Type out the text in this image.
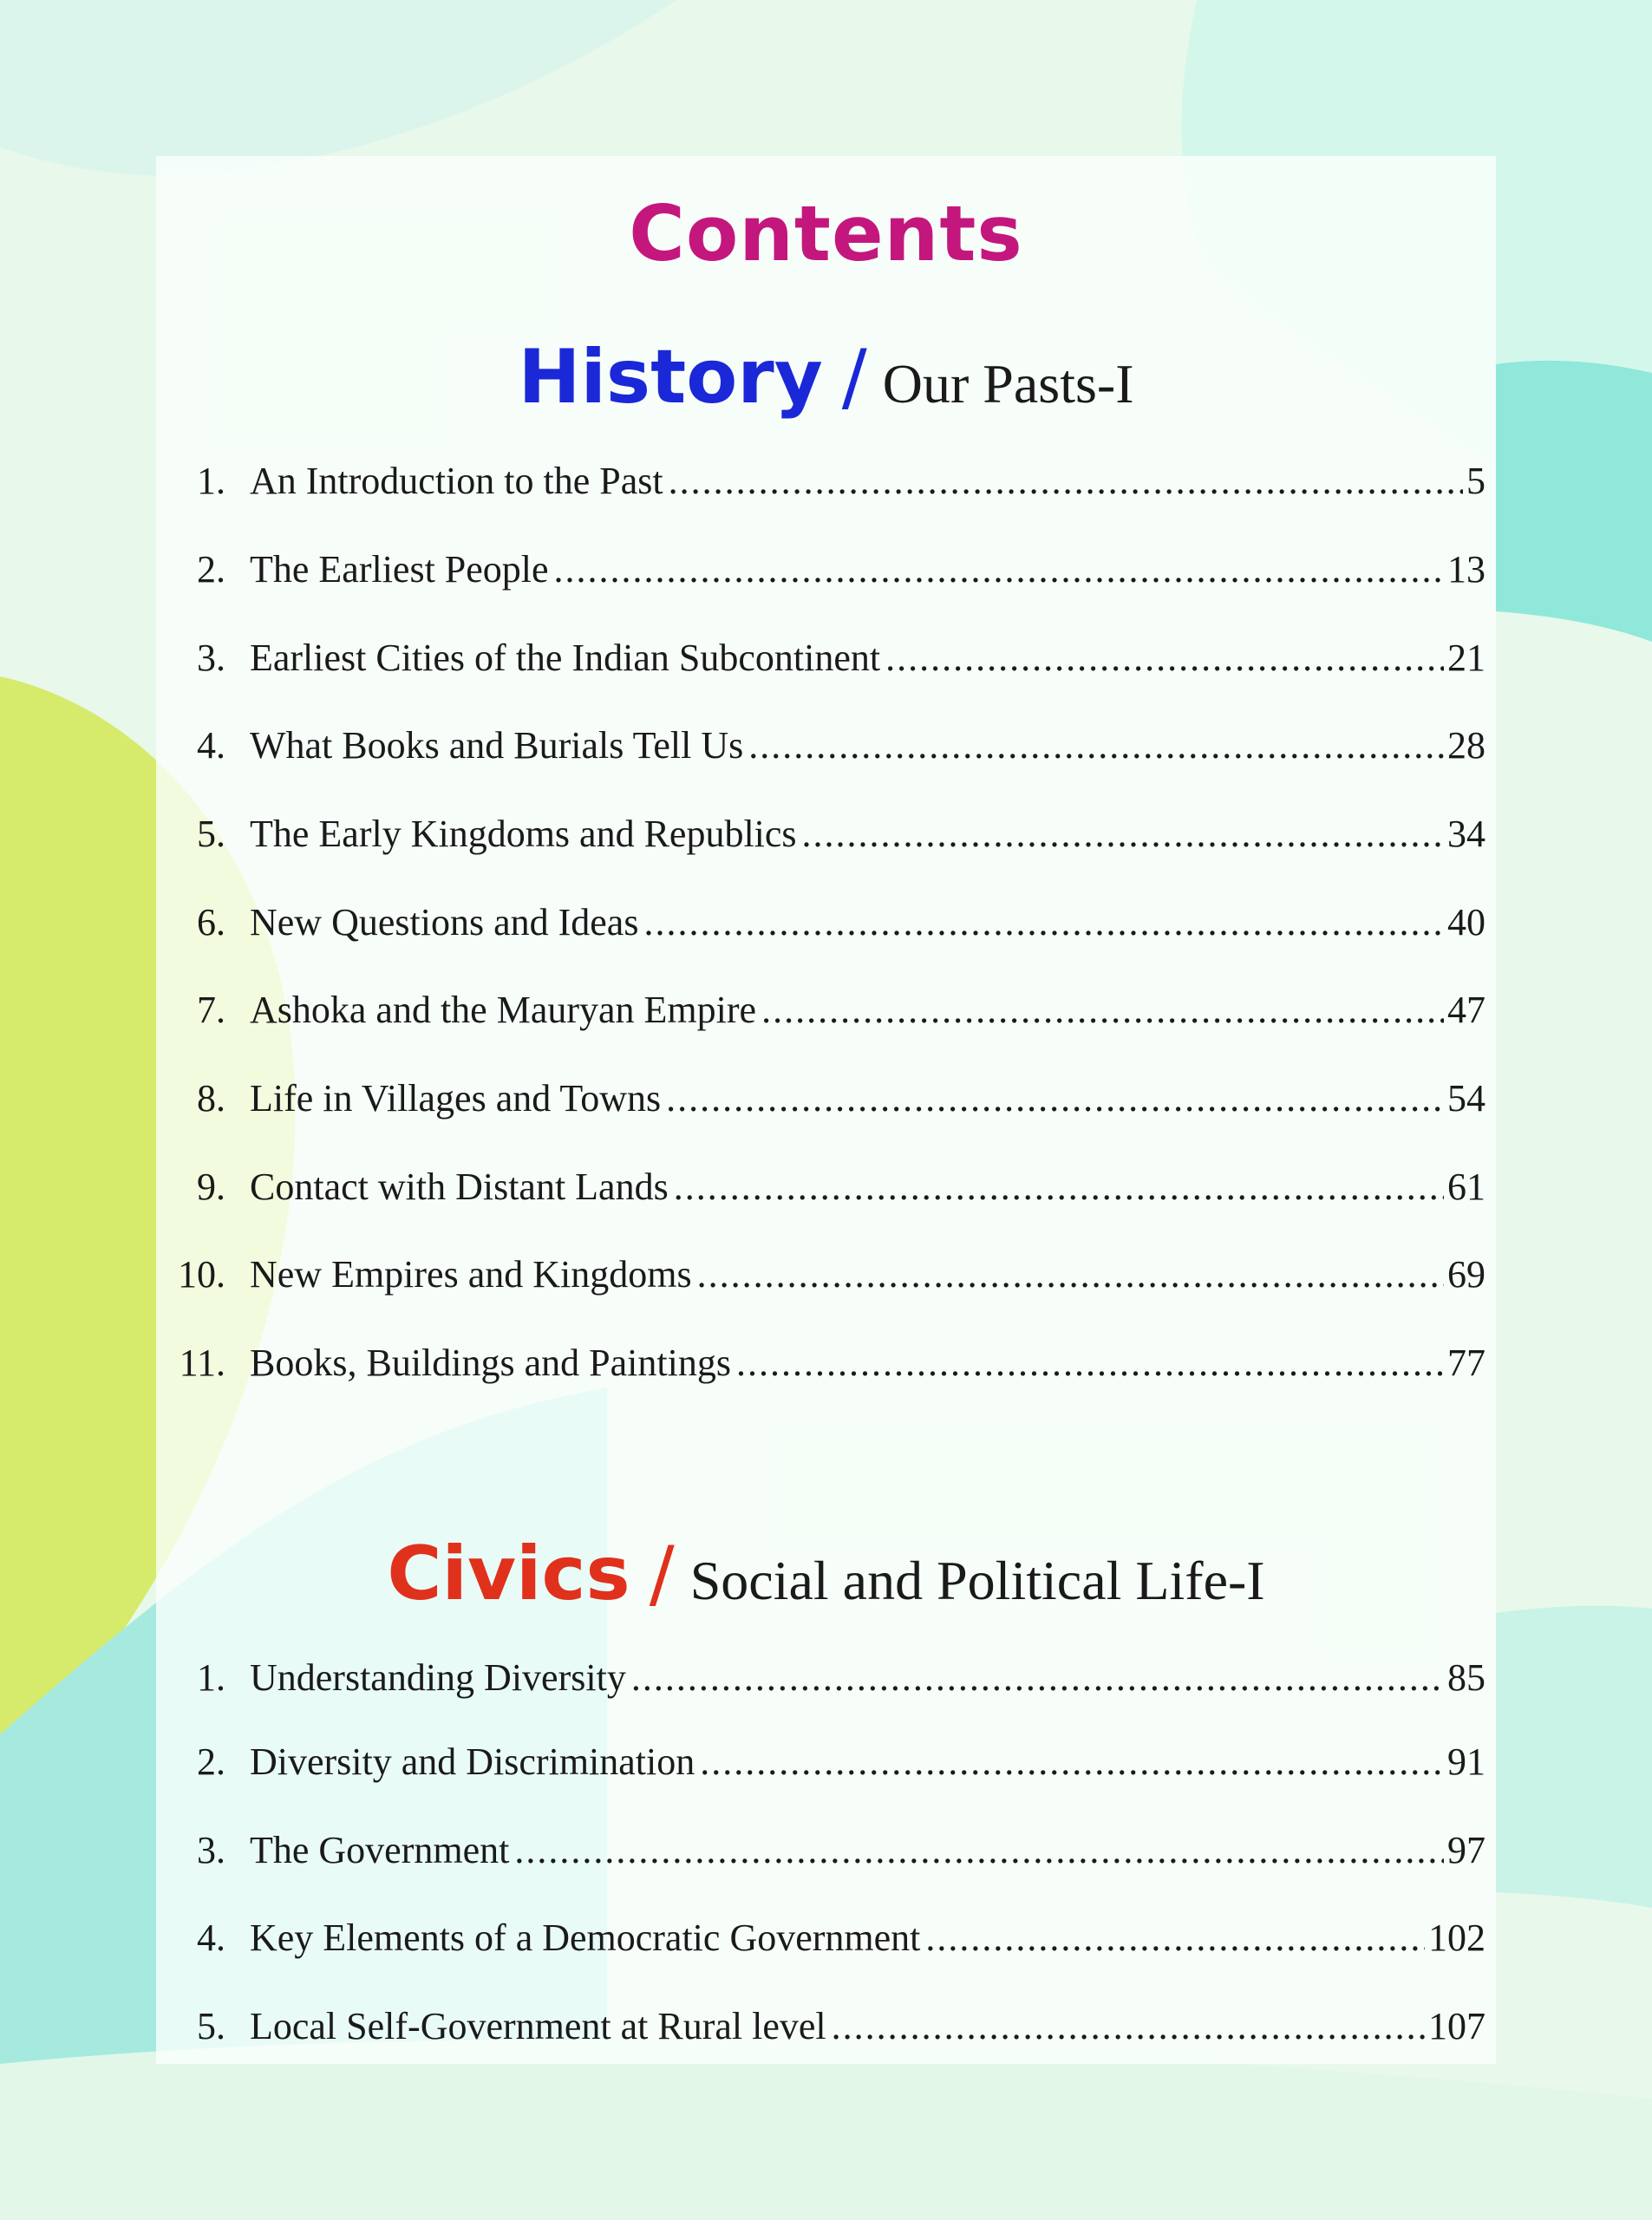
Contents
History / Our Pasts-I
1. An Introduction to the Past .....	5
2. The Earliest People .....	13
3. Earliest Cities of the Indian Subcontinent .....	21
4. What Books and Burials Tell Us .....	28
5. The Early Kingdoms and Republics .....	34
6. New Questions and Ideas .....	40
7. Ashoka and the Mauryan Empire .....	47
8. Life in Villages and Towns .....	54
9. Contact with Distant Lands .....	61
10. New Empires and Kingdoms .....	69
11. Books, Buildings and Paintings .....	77
Civics / Social and Political Life-I
1. Understanding Diversity .....	85
2. Diversity and Discrimination .....	91
3. The Government .....	97
4. Key Elements of a Democratic Government .....	102
5. Local Self-Government at Rural level .....	107
